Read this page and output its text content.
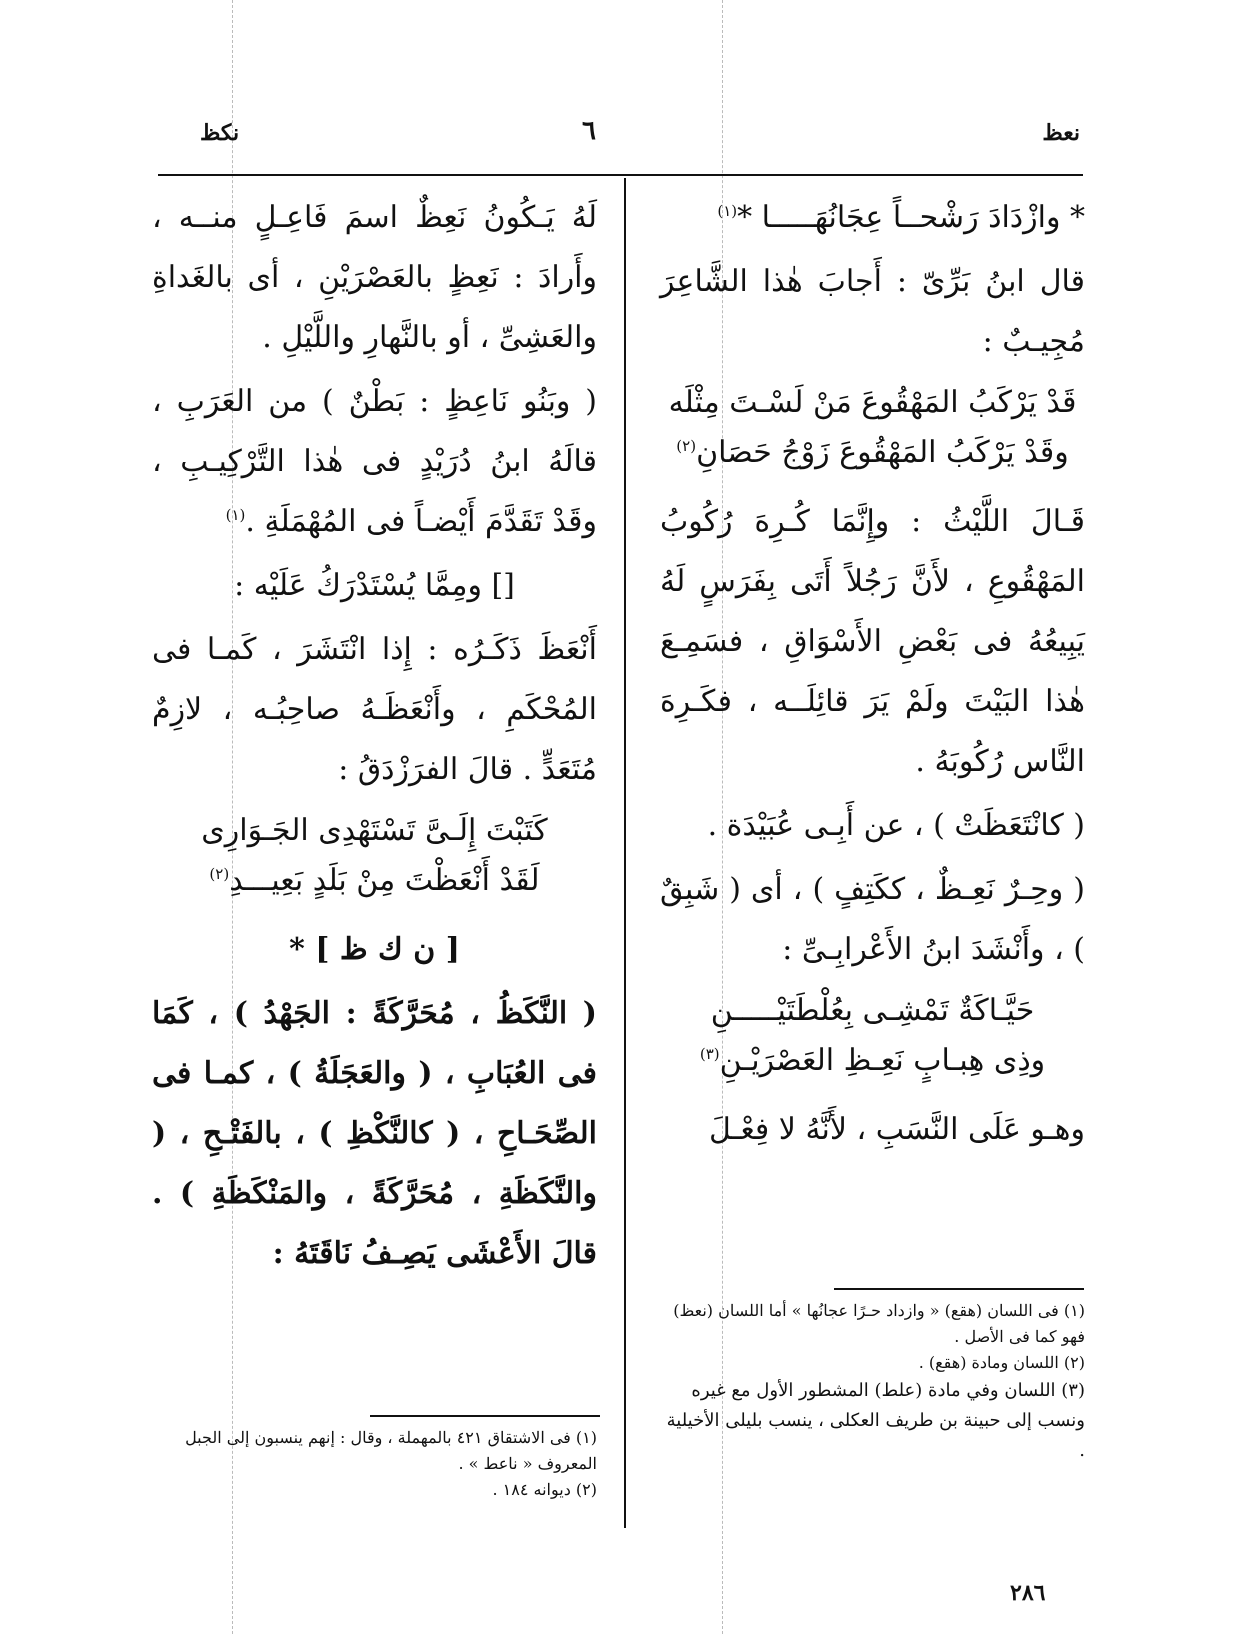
نعظ
٦
نكظ

* وازْدَادَ رَشْحــاً عِجَانُهَـــــا *$^{(١)}$

قال ابنُ بَرِّىّ : أَجابَ هٰذا الشَّاعِرَ مُجِيـبٌ :

قَدْ يَرْكَبُ المَهْقُوعَ مَنْ لَسْـتَ مِثْلَه
وقَدْ يَرْكَبُ المَهْقُوعَ زَوْجُ حَصَانِ$^{(٢)}$

قَـالَ اللَّيْثُ : وإِنَّمَا كُـرِهَ رُكُوبُ المَهْقُوعِ ، لأَنَّ رَجُلاً أَتَى بِفَرَسٍ لَهُ يَبِيعُهُ فى بَعْضِ الأَسْوَاقِ ، فسَمِـعَ هٰذا البَيْتَ ولَمْ يَرَ قائِلَــه ، فكَـرِهَ النَّاس رُكُوبَهُ .

( كانْتَعَظَتْ ) ، عن أَبِـى عُبَيْدَة .

( وحِـرٌ نَعِـظٌ ، ككَتِفٍ ) ، أى ( شَبِقٌ ) ، وأَنْشَدَ ابنُ الأَعْرابِـىِّ :

حَيَّـاكَةٌ تَمْشِـى بِعُلْطَتَيْـــــنِ
وذِى هِبـابٍ نَعِـظِ العَصْرَيْـنِ$^{(٣)}$

وهـو عَلَى النَّسَبِ ، لأَنَّهُ لا فِعْـلَ

لَهُ يَـكُونُ نَعِظٌ اسمَ فَاعِـلٍ منــه ، وأَرادَ : نَعِظٍ بالعَصْرَيْنِ ، أى بالغَداةِ والعَشِىِّ ، أو بالنَّهارِ واللَّيْلِ .

( وبَنُو نَاعِظٍ : بَطْنٌ ) من العَرَبِ ، قالَهُ ابنُ دُرَيْدٍ فى هٰذا التَّرْكِيـبِ ، وقَدْ تَقَدَّمَ أَيْضـاً فى المُهْمَلَةِ .$^{(١)}$

[] ومِمَّا يُسْتَدْرَكُ عَلَيْه :

أَنْعَظَ ذَكَـرُه : إِذا انْتَشَرَ ، كَمـا فى المُحْكَمِ ، وأَنْعَظَـهُ صاحِبُـه ، لازِمٌ مُتَعَدٍّ . قالَ الفرَزْدَقُ :

كَتَبْتَ إِلَـىَّ تَسْتَهْدِى الجَـوَارِى
لَقَدْ أَنْعَظْتَ مِنْ بَلَدٍ بَعِيـــدِ$^{(٢)}$

[ ن ك ظ ] *

( النَّكَظُ ، مُحَرَّكَةً : الجَهْدُ ) ، كَمَا فى العُبَابِ ، ( والعَجَلَةُ ) ، كمـا فى الصِّحَـاحِ ، ( كالنَّكْظِ ) ، بالفَتْـحِ ، ( والنَّكَظَةِ ، مُحَرَّكَةً ، والمَنْكَظَةِ ) . قالَ الأَعْشَى يَصِـفُ نَاقَتَهُ :

(١) فى اللسان (هقع) « وازداد حـرًا عجانُها » أما اللسان (نعظ) فهو كما فى الأصل .

(٢) اللسان ومادة (هقع) .

(٣) اللسان وفي مادة (علط) المشطور الأول مع غيره ونسب إلى حبينة بن طريف العكلى ، ينسب بليلى الأخيلية .

(١) فى الاشتقاق ٤٢١ بالمهملة ، وقال : إنهم ينسبون إلى الجبل المعروف « ناعط » .

(٢) ديوانه ١٨٤ .

٢٨٦
